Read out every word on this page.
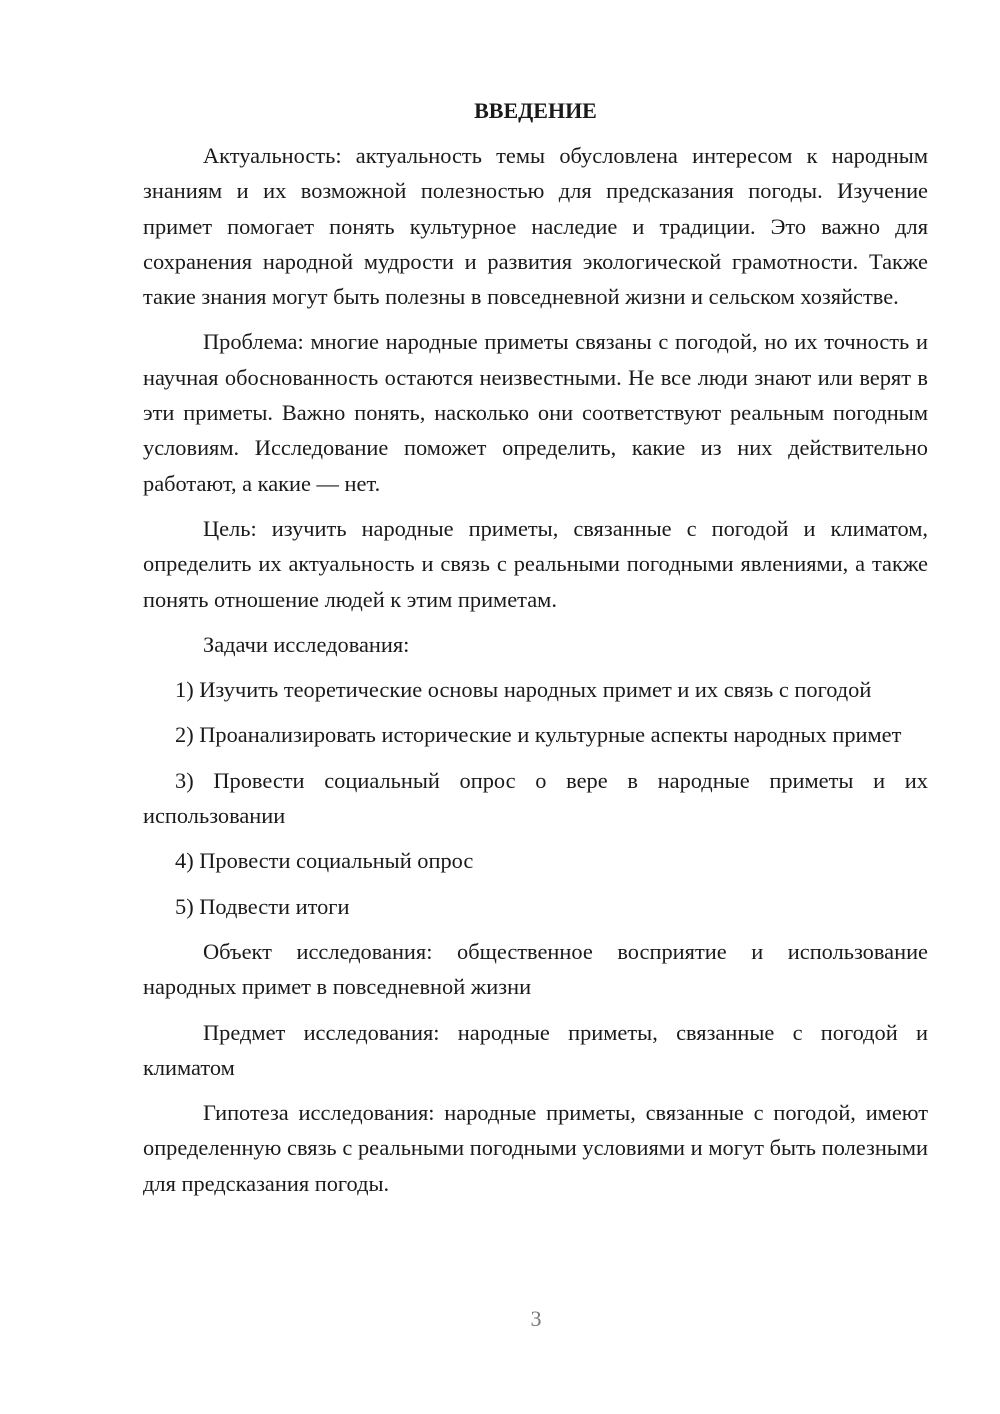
ВВЕДЕНИЕ
Актуальность: актуальность темы обусловлена интересом к народным знаниям и их возможной полезностью для предсказания погоды. Изучение примет помогает понять культурное наследие и традиции. Это важно для сохранения народной мудрости и развития экологической грамотности. Также такие знания могут быть полезны в повседневной жизни и сельском хозяйстве.
Проблема: многие народные приметы связаны с погодой, но их точность и научная обоснованность остаются неизвестными. Не все люди знают или верят в эти приметы. Важно понять, насколько они соответствуют реальным погодным условиям. Исследование поможет определить, какие из них действительно работают, а какие — нет.
Цель: изучить народные приметы, связанные с погодой и климатом, определить их актуальность и связь с реальными погодными явлениями, а также понять отношение людей к этим приметам.
Задачи исследования:
1) Изучить теоретические основы народных примет и их связь с погодой
2) Проанализировать исторические и культурные аспекты народных примет
3) Провести социальный опрос о вере в народные приметы и их использовании
4) Провести социальный опрос
5) Подвести итоги
Объект исследования: общественное восприятие и использование народных примет в повседневной жизни
Предмет исследования: народные приметы, связанные с погодой и климатом
Гипотеза исследования: народные приметы, связанные с погодой, имеют определенную связь с реальными погодными условиями и могут быть полезными для предсказания погоды.
3
